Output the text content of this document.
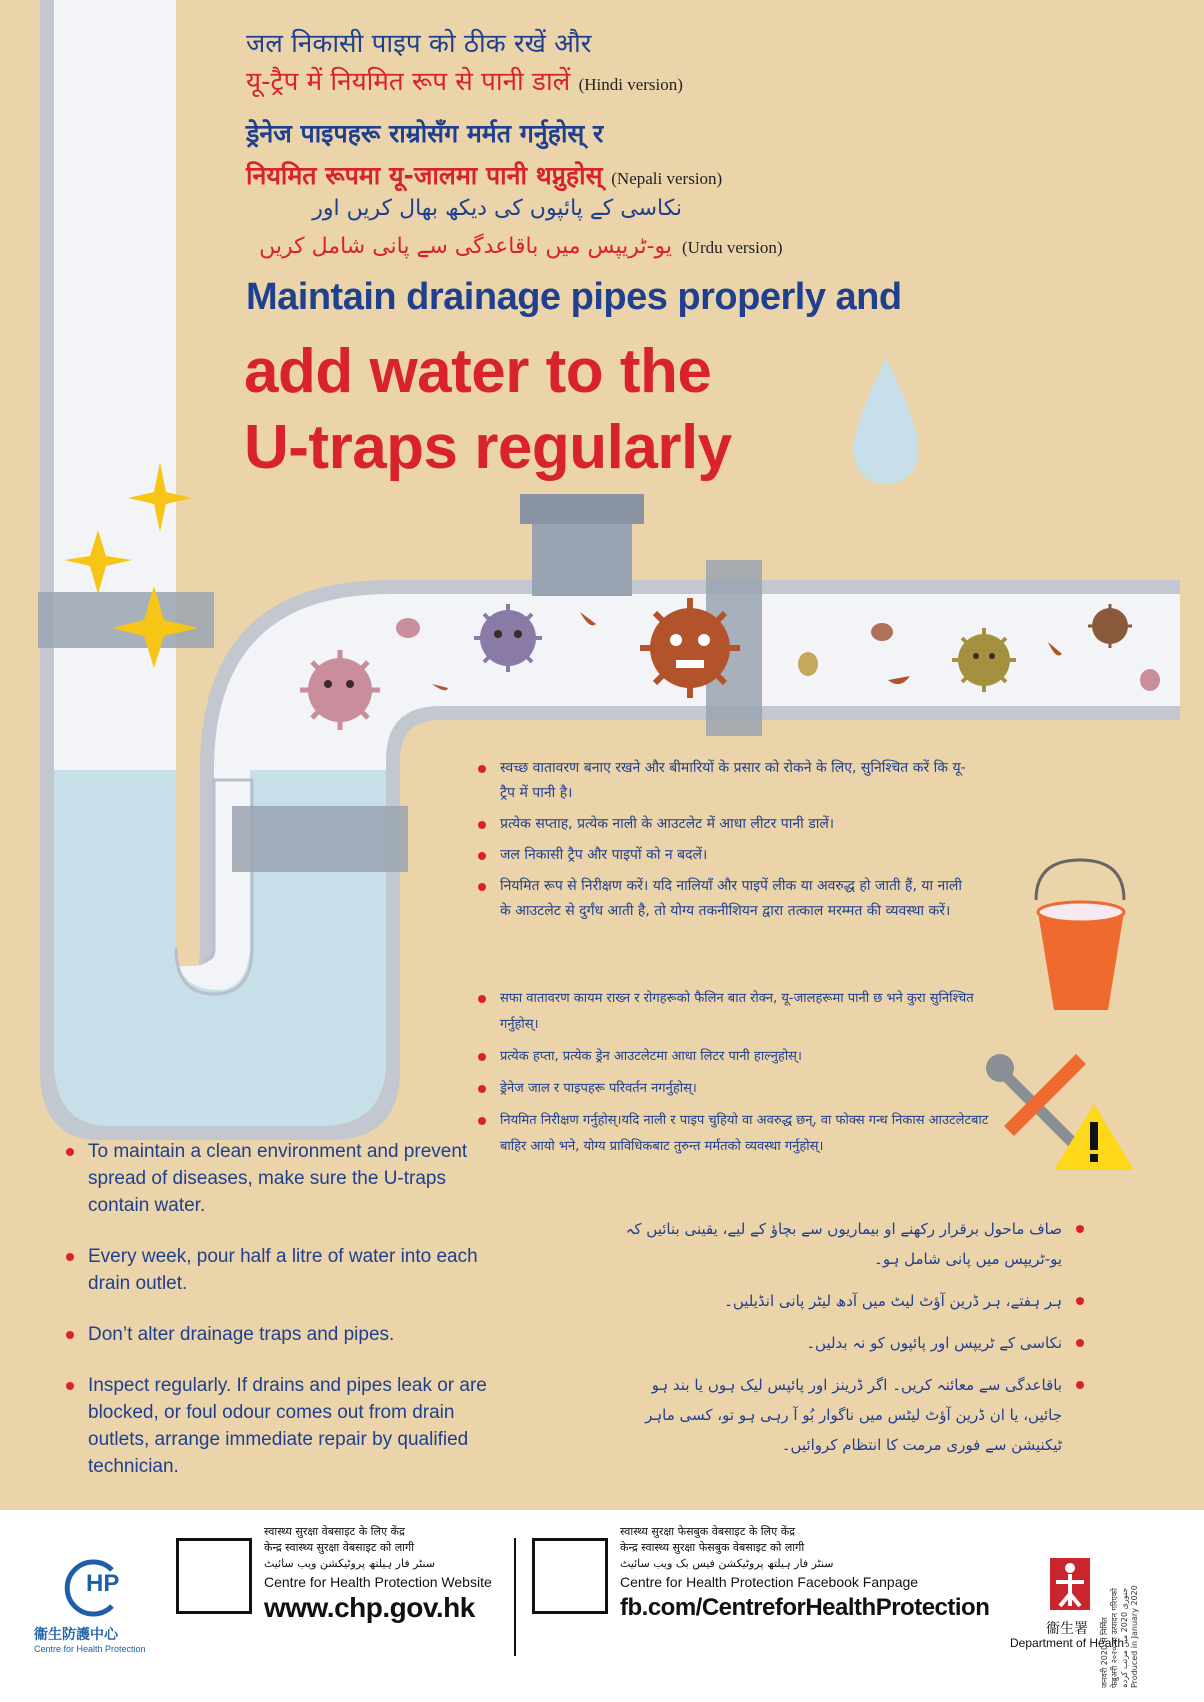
जल निकासी पाइप को ठीक रखें और
यू-ट्रैप में नियमित रूप से पानी डालें (Hindi version)
ड्रेनेज पाइपहरू राम्रोसँग मर्मत गर्नुहोस् र
नियमित रूपमा यू-जालमा पानी थप्नुहोस् (Nepali version)
نکاسی کے پائپوں کی دیکھ بھال کریں اور
یو-ٹریپس میں باقاعدگی سے پانی شامل کریں (Urdu version)
Maintain drainage pipes properly and
add water to the
U-traps regularly
स्वच्छ वातावरण बनाए रखने और बीमारियों के प्रसार को रोकने के लिए, सुनिश्चित करें कि यू-ट्रैप में पानी है।
प्रत्येक सप्ताह, प्रत्येक नाली के आउटलेट में आधा लीटर पानी डालें।
जल निकासी ट्रैप और पाइपों को न बदलें।
नियमित रूप से निरीक्षण करें। यदि नालियाँ और पाइपें लीक या अवरुद्ध हो जाती हैं, या नाली के आउटलेट से दुर्गंध आती है, तो योग्य तकनीशियन द्वारा तत्काल मरम्मत की व्यवस्था करें।
सफा वातावरण कायम राख्न र रोगहरूको फैलिन बात रोक्न, यू-जालहरूमा पानी छ भने कुरा सुनिश्चित गर्नुहोस्।
प्रत्येक हप्ता, प्रत्येक ड्रेन आउटलेटमा आधा लिटर पानी हाल्नुहोस्।
ड्रेनेज जाल र पाइपहरू परिवर्तन नगर्नुहोस्।
नियमित निरीक्षण गर्नुहोस्।यदि नाली र पाइप चुहियो वा अवरुद्ध छन्, वा फोक्स गन्ध निकास आउटलेटबाट बाहिर आयो भने, योग्य प्राविधिकबाट तुरुन्त मर्मतको व्यवस्था गर्नुहोस्।
صاف ماحول برقرار رکھنے او بیماریوں سے بچاؤ کے لیے، یقینی بنائیں کہ یو-ٹریپس میں پانی شامل ہو۔
ہر ہفتے، ہر ڈرین آؤٹ لیٹ میں آدھ لیٹر پانی انڈیلیں۔
نکاسی کے ٹریپس اور پائپوں کو نہ بدلیں۔
باقاعدگی سے معائنہ کریں۔ اگر ڈرینز اور پائپس لیک ہوں یا بند ہو جائیں، یا ان ڈرین آؤٹ لیٹس میں ناگوار بُو آ رہی ہو تو، کسی ماہر ٹیکنیشن سے فوری مرمت کا انتظام کروائیں۔
To maintain a clean environment and prevent spread of diseases, make sure the U-traps contain water.
Every week, pour half a litre of water into each drain outlet.
Don’t alter drainage traps and pipes.
Inspect regularly. If drains and pipes leak or are blocked, or foul odour comes out from drain outlets, arrange immediate repair by qualified technician.
HP
衞生防護中心
Centre for Health Protection
स्वास्थ्य सुरक्षा वेबसाइट के लिए केंद्र
केन्द्र स्वास्थ्य सुरक्षा वेबसाइट को लागी
سنٹر فار ہیلتھ پروٹیکشن ویب سائیٹ
Centre for Health Protection Website
www.chp.gov.hk
स्वास्थ्य सुरक्षा फेसबुक वेबसाइट के लिए केंद्र
केन्द्र स्वास्थ्य सुरक्षा फेसबुक वेबसाइट को लागी
سنٹر فار ہیلتھ پروٹیکشن فیس بک ویب سائیٹ
Centre for Health Protection Facebook Fanpage
fb.com/CentreforHealthProtection
衞生署
Department of Health
जनवरी 2020 में निर्मित फेब्रुअरी २०२० मा उत्पादन गरिएको جنوری 2020 میں مرتب کردہ Produced in January 2020
